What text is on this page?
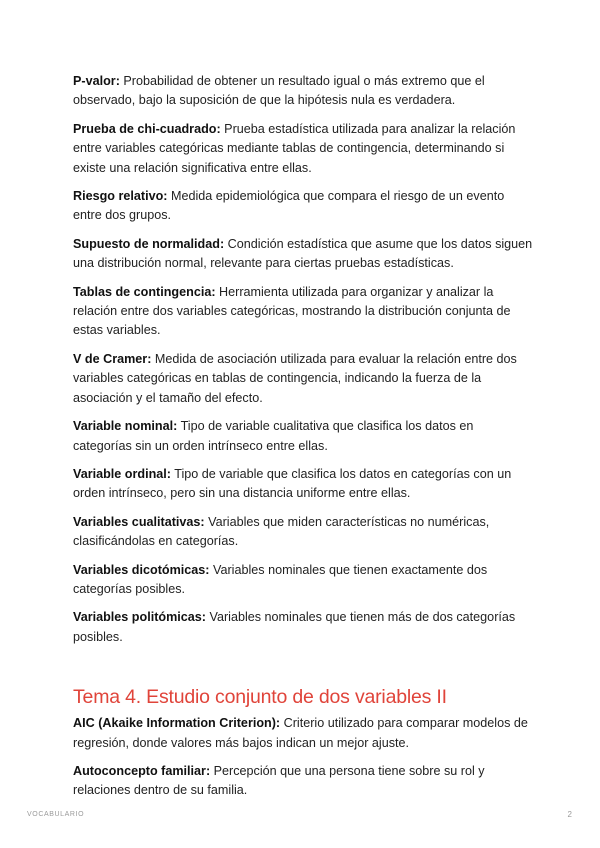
P-valor: Probabilidad de obtener un resultado igual o más extremo que el observado, bajo la suposición de que la hipótesis nula es verdadera.

Prueba de chi-cuadrado: Prueba estadística utilizada para analizar la relación entre variables categóricas mediante tablas de contingencia, determinando si existe una relación significativa entre ellas.

Riesgo relativo: Medida epidemiológica que compara el riesgo de un evento entre dos grupos.

Supuesto de normalidad: Condición estadística que asume que los datos siguen una distribución normal, relevante para ciertas pruebas estadísticas.

Tablas de contingencia: Herramienta utilizada para organizar y analizar la relación entre dos variables categóricas, mostrando la distribución conjunta de estas variables.

V de Cramer: Medida de asociación utilizada para evaluar la relación entre dos variables categóricas en tablas de contingencia, indicando la fuerza de la asociación y el tamaño del efecto.

Variable nominal: Tipo de variable cualitativa que clasifica los datos en categorías sin un orden intrínseco entre ellas.

Variable ordinal: Tipo de variable que clasifica los datos en categorías con un orden intrínseco, pero sin una distancia uniforme entre ellas.

Variables cualitativas: Variables que miden características no numéricas, clasificándolas en categorías.

Variables dicotómicas: Variables nominales que tienen exactamente dos categorías posibles.

Variables politómicas: Variables nominales que tienen más de dos categorías posibles.

Tema 4. Estudio conjunto de dos variables II

AIC (Akaike Information Criterion): Criterio utilizado para comparar modelos de regresión, donde valores más bajos indican un mejor ajuste.

Autoconcepto familiar: Percepción que una persona tiene sobre su rol y relaciones dentro de su familia.

VOCABULARIO	2
